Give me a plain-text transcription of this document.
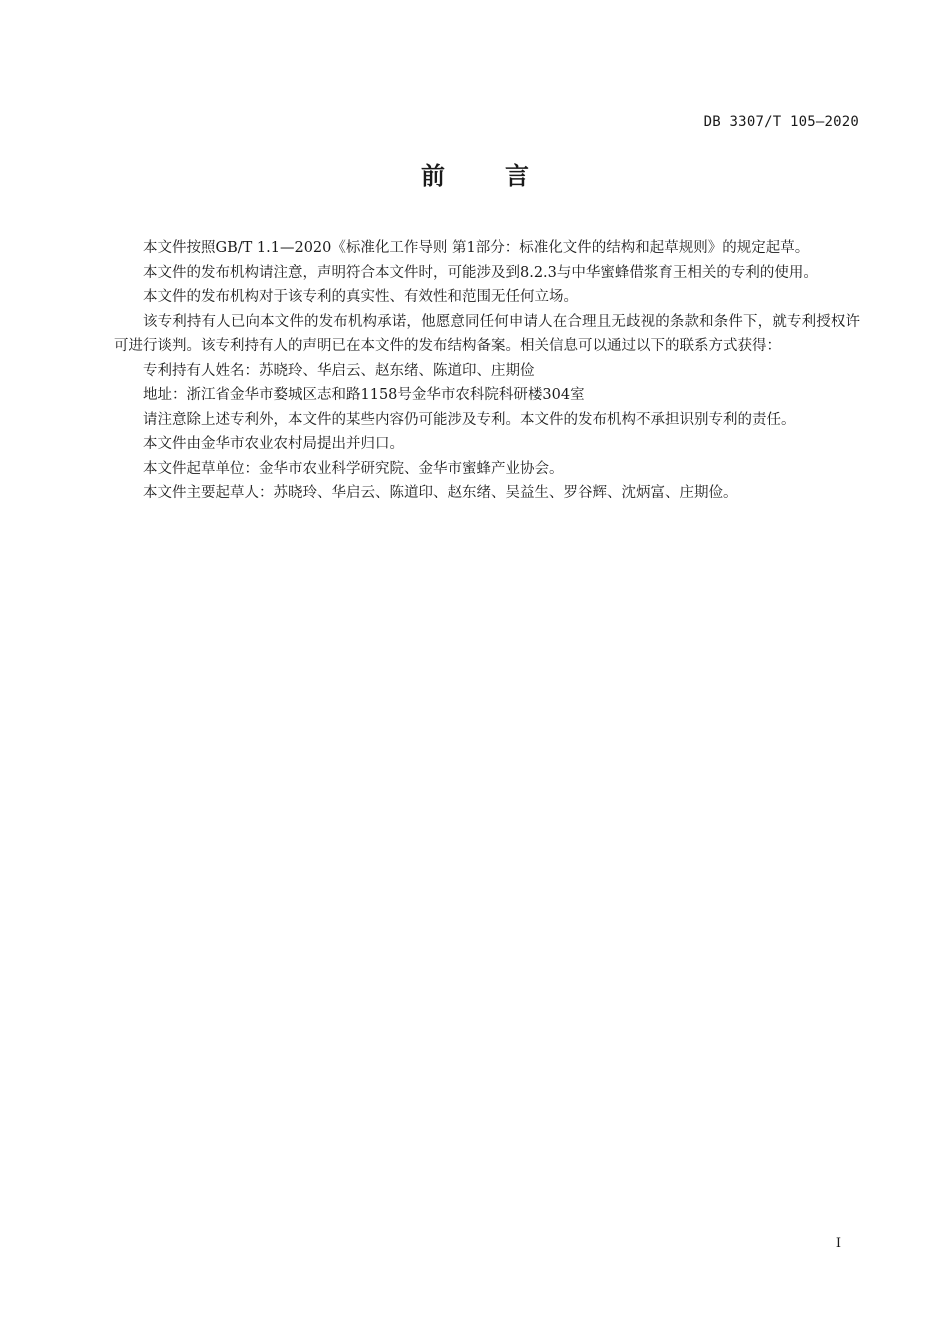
DB 3307/T 105—2020
前	言

本文件按照GB/T 1.1—2020《标准化工作导则 第1部分：标准化文件的结构和起草规则》的规定起草。

本文件的发布机构请注意，声明符合本文件时，可能涉及到8.2.3与中华蜜蜂借浆育王相关的专利的使用。

本文件的发布机构对于该专利的真实性、有效性和范围无任何立场。

该专利持有人已向本文件的发布机构承诺，他愿意同任何申请人在合理且无歧视的条款和条件下，就专利授权许可进行谈判。该专利持有人的声明已在本文件的发布结构备案。相关信息可以通过以下的联系方式获得：

专利持有人姓名：苏晓玲、华启云、赵东绪、陈道印、庄期俭

地址：浙江省金华市婺城区志和路1158号金华市农科院科研楼304室

请注意除上述专利外，本文件的某些内容仍可能涉及专利。本文件的发布机构不承担识别专利的责任。

本文件由金华市农业农村局提出并归口。

本文件起草单位：金华市农业科学研究院、金华市蜜蜂产业协会。

本文件主要起草人：苏晓玲、华启云、陈道印、赵东绪、吴益生、罗谷辉、沈炳富、庄期俭。

I
